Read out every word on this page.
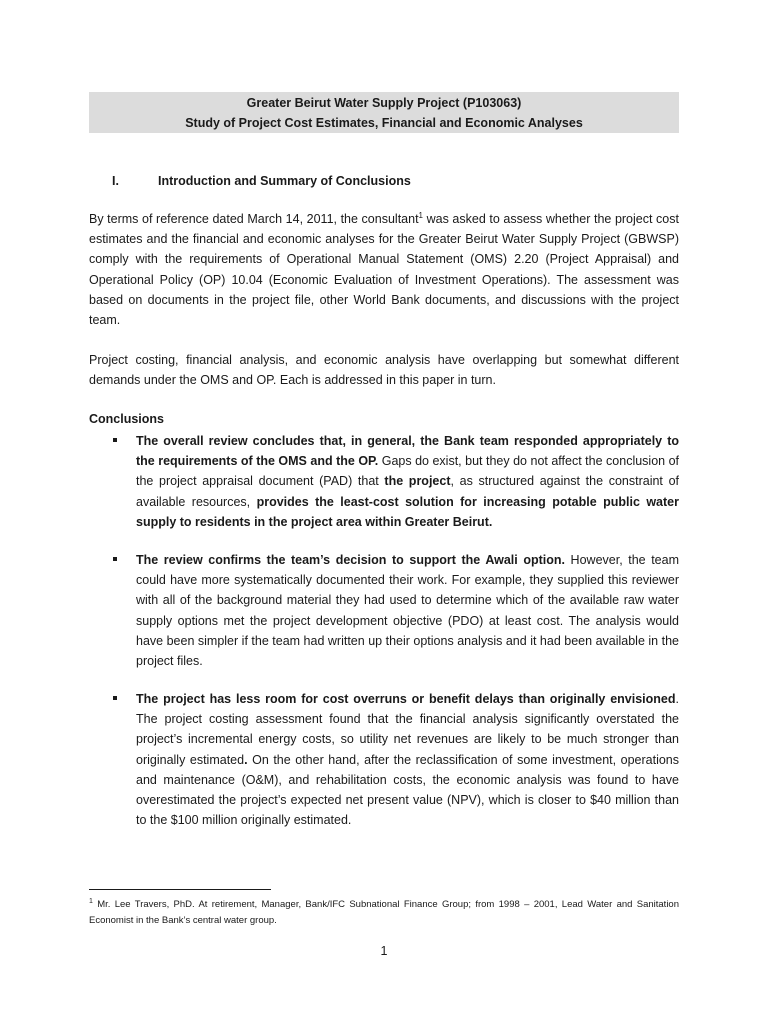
Greater Beirut Water Supply Project (P103063)
Study of Project Cost Estimates, Financial and Economic Analyses
I.	Introduction and Summary of Conclusions

By terms of reference dated March 14, 2011, the consultant$^1$ was asked to assess whether the project cost estimates and the financial and economic analyses for the Greater Beirut Water Supply Project (GBWSP) comply with the requirements of Operational Manual Statement (OMS) 2.20 (Project Appraisal) and Operational Policy (OP) 10.04 (Economic Evaluation of Investment Operations). The assessment was based on documents in the project file, other World Bank documents, and discussions with the project team.

Project costing, financial analysis, and economic analysis have overlapping but somewhat different demands under the OMS and OP. Each is addressed in this paper in turn.

Conclusions

The overall review concludes that, in general, the Bank team responded appropriately to the requirements of the OMS and the OP. Gaps do exist, but they do not affect the conclusion of the project appraisal document (PAD) that the project, as structured against the constraint of available resources, provides the least-cost solution for increasing potable public water supply to residents in the project area within Greater Beirut.

The review confirms the team’s decision to support the Awali option. However, the team could have more systematically documented their work. For example, they supplied this reviewer with all of the background material they had used to determine which of the available raw water supply options met the project development objective (PDO) at least cost. The analysis would have been simpler if the team had written up their options analysis and it had been available in the project files.

The project has less room for cost overruns or benefit delays than originally envisioned. The project costing assessment found that the financial analysis significantly overstated the project’s incremental energy costs, so utility net revenues are likely to be much stronger than originally estimated. On the other hand, after the reclassification of some investment, operations and maintenance (O&M), and rehabilitation costs, the economic analysis was found to have overestimated the project’s expected net present value (NPV), which is closer to $40 million than to the $100 million originally estimated.

$^1$ Mr. Lee Travers, PhD. At retirement, Manager, Bank/IFC Subnational Finance Group; from 1998 – 2001, Lead Water and Sanitation Economist in the Bank’s central water group.

1
